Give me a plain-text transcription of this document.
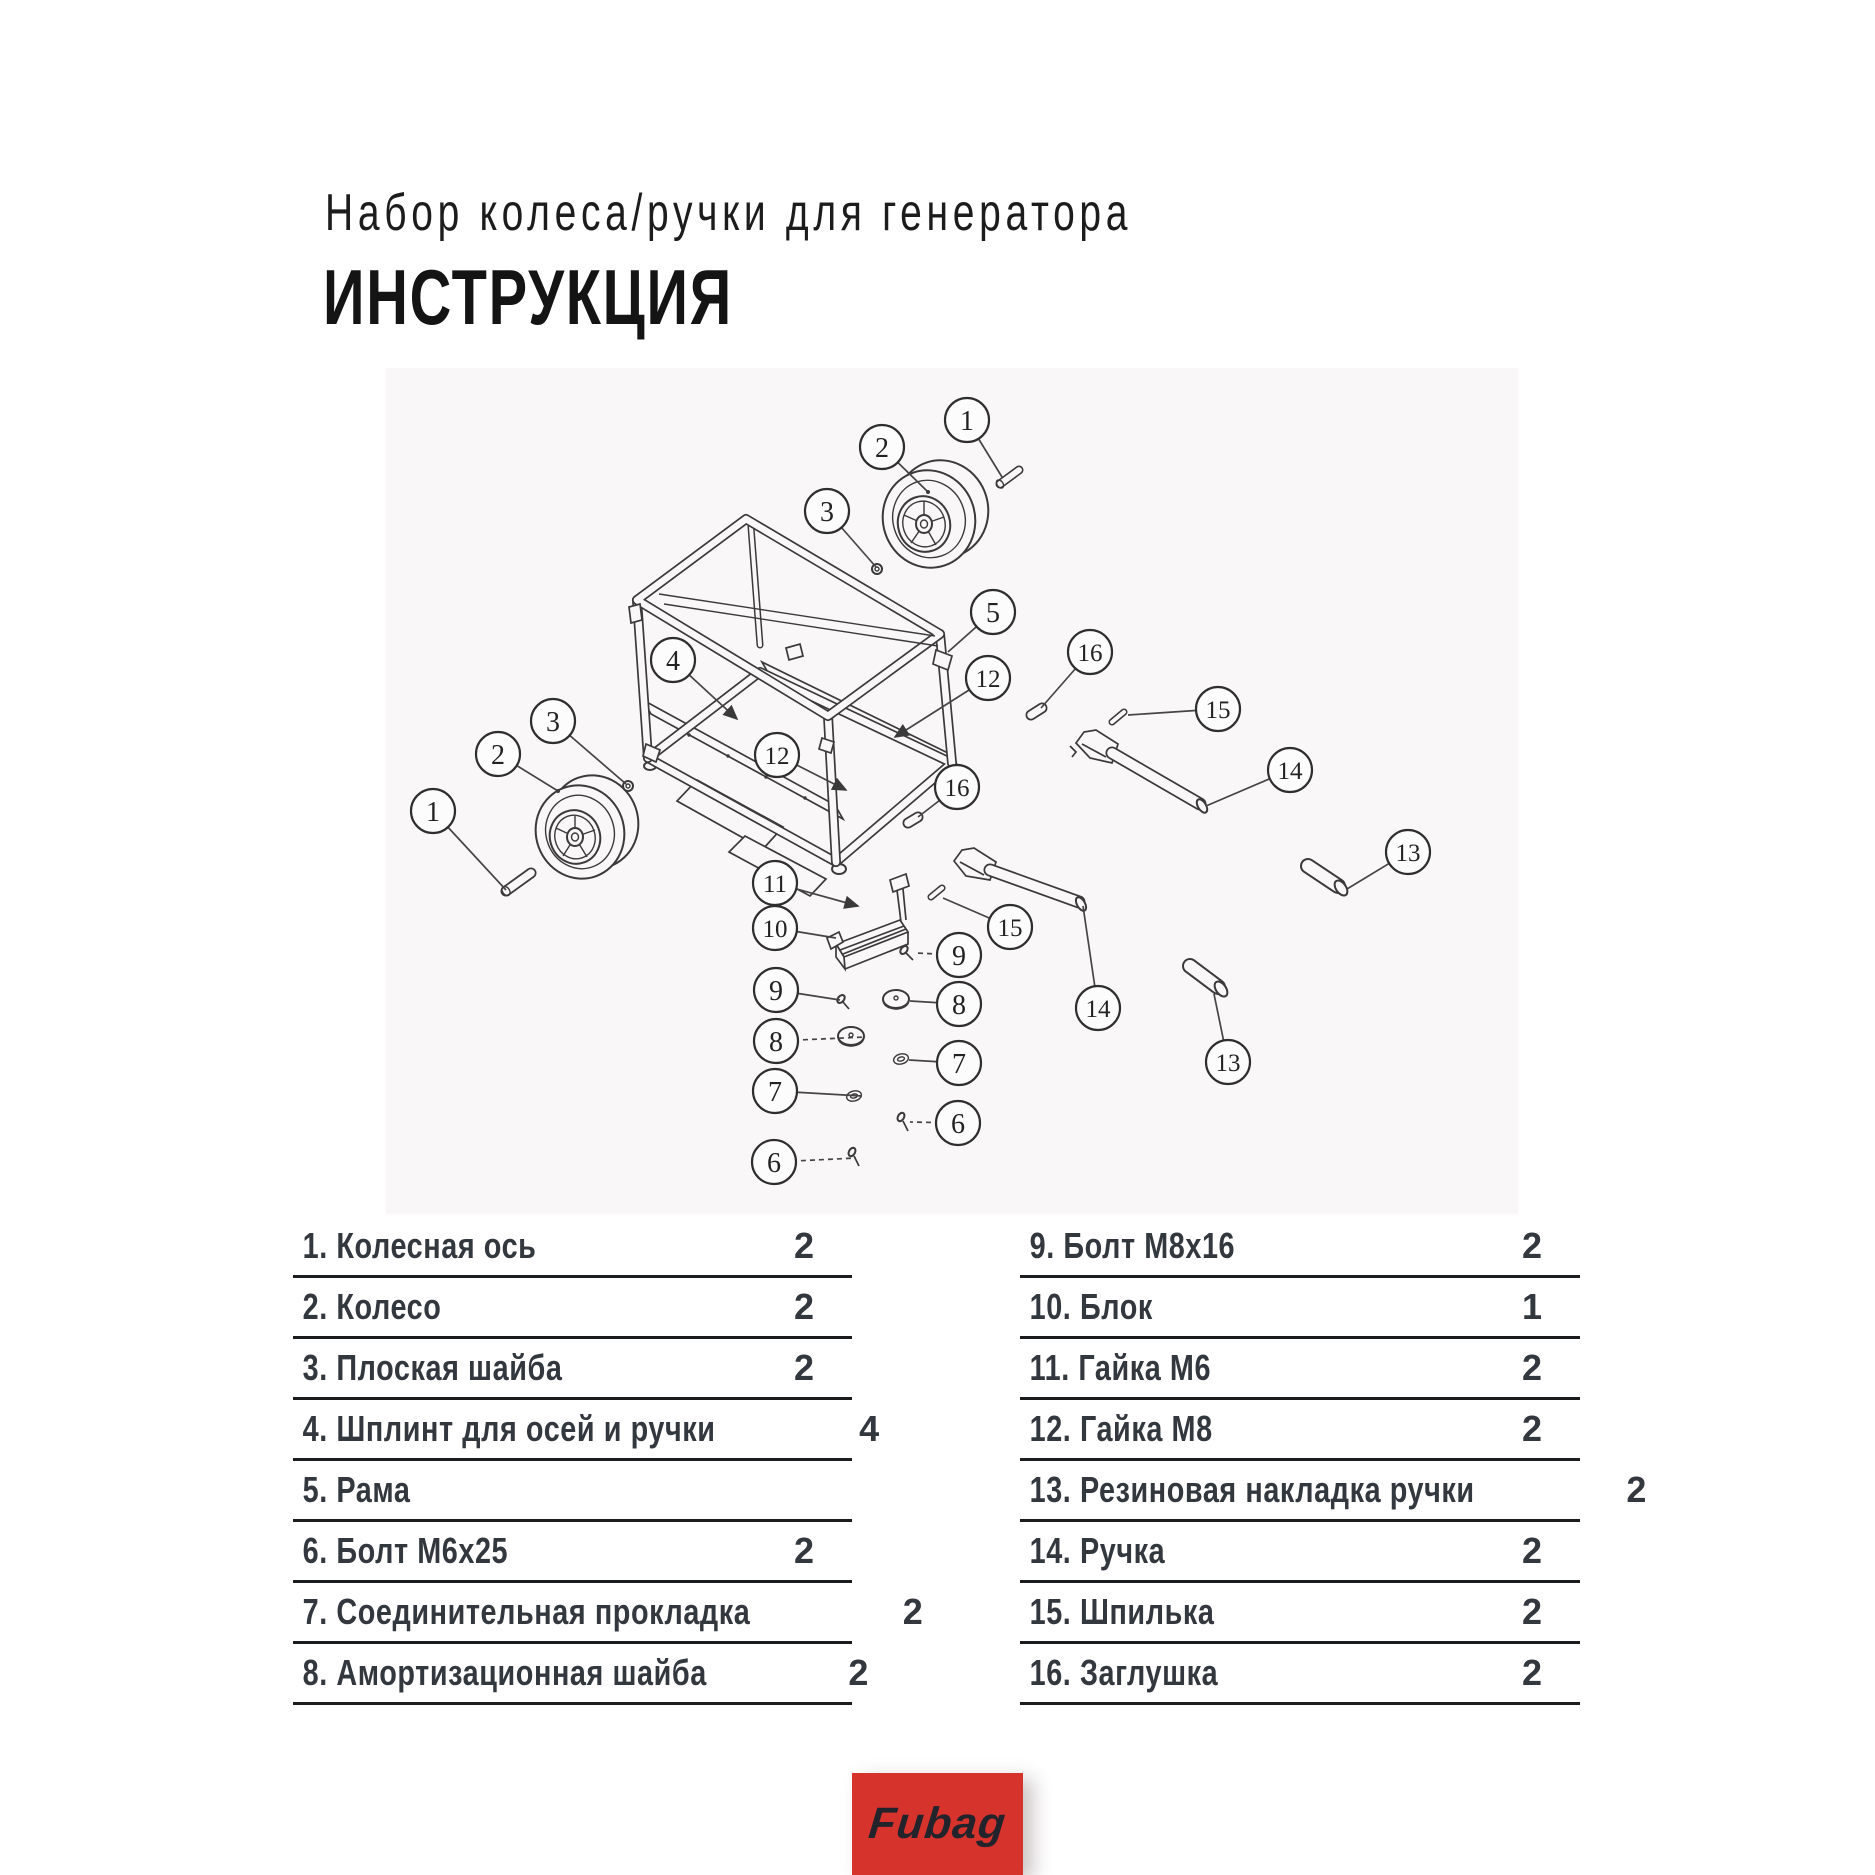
Набор колеса/ручки для генератора
ИНСТРУКЦИЯ
1
2
3
5
4	16
12
15
3
2	12
16
14
1
13
11
10	15
9
9	8
8
7
7
6
6
14
13
1. Колесная ось	2
2. Колесо	2
3. Плоская шайба	2
4. Шплинт для осей и ручки	4
5. Рама
6. Болт М6х25	2
7. Соединительная прокладка	2
8. Амортизационная шайба	2
9. Болт М8х16	2
10. Блок	1
11. Гайка М6	2
12. Гайка М8	2
13. Резиновая накладка ручки	2
14. Ручка	2
15. Шпилька	2
16. Заглушка	2
Fubag
